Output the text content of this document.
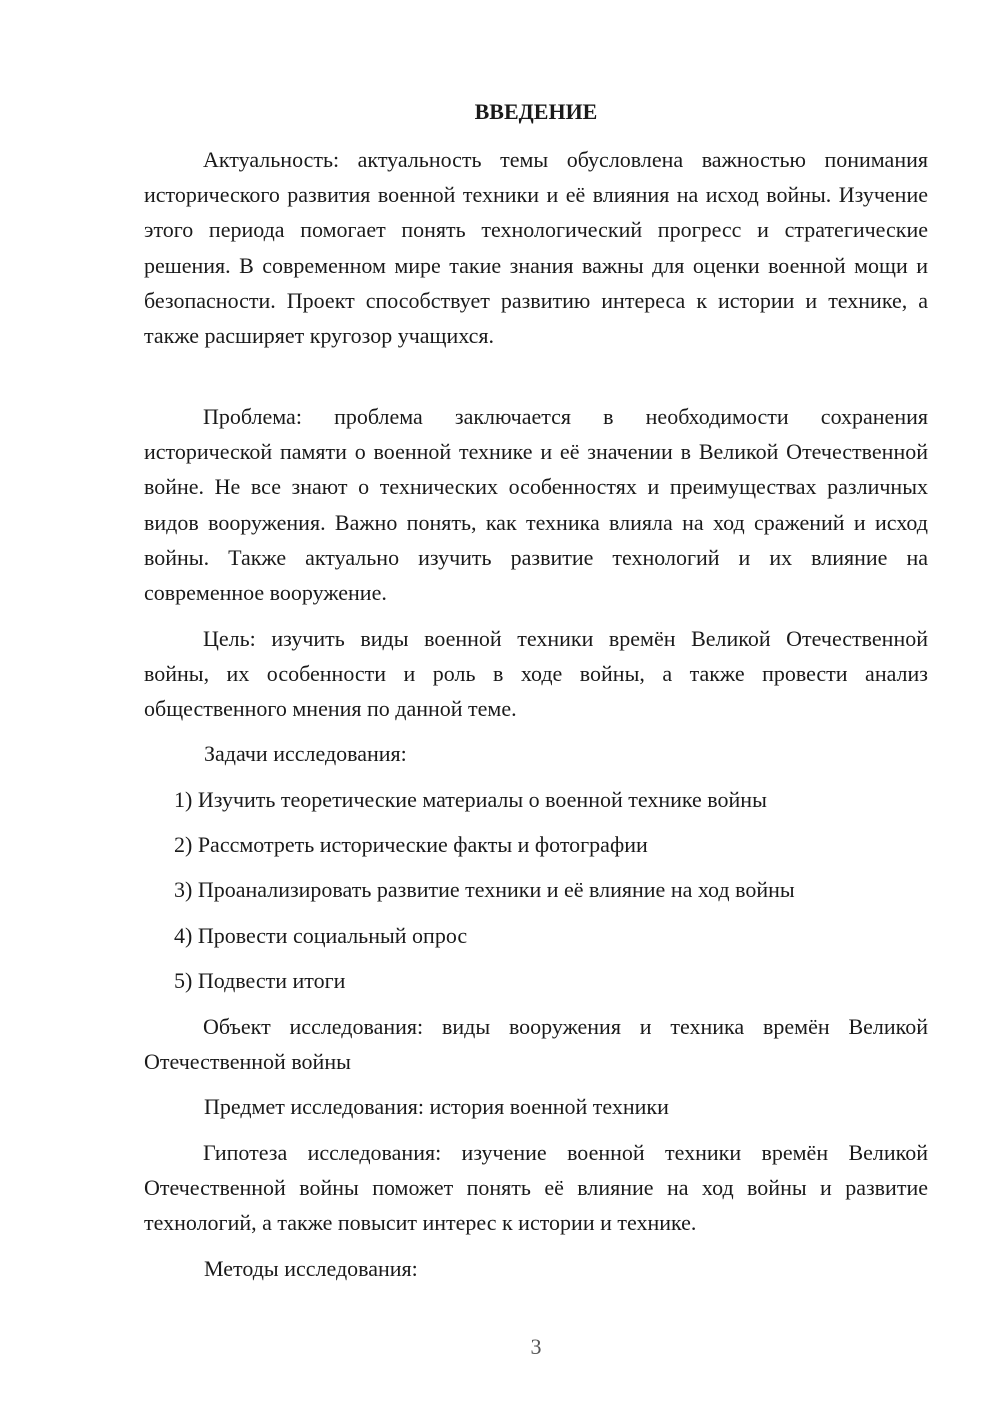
ВВЕДЕНИЕ
Актуальность: актуальность темы обусловлена важностью понимания исторического развития военной техники и её влияния на исход войны. Изучение этого периода помогает понять технологический прогресс и стратегические решения. В современном мире такие знания важны для оценки военной мощи и безопасности. Проект способствует развитию интереса к истории и технике, а также расширяет кругозор учащихся.
Проблема: проблема заключается в необходимости сохранения исторической памяти о военной технике и её значении в Великой Отечественной войне. Не все знают о технических особенностях и преимуществах различных видов вооружения. Важно понять, как техника влияла на ход сражений и исход войны. Также актуально изучить развитие технологий и их влияние на современное вооружение.
Цель: изучить виды военной техники времён Великой Отечественной войны, их особенности и роль в ходе войны, а также провести анализ общественного мнения по данной теме.
Задачи исследования:
1) Изучить теоретические материалы о военной технике войны
2) Рассмотреть исторические факты и фотографии
3) Проанализировать развитие техники и её влияние на ход войны
4) Провести социальный опрос
5) Подвести итоги
Объект исследования: виды вооружения и техника времён Великой Отечественной войны
Предмет исследования: история военной техники
Гипотеза исследования: изучение военной техники времён Великой Отечественной войны поможет понять её влияние на ход войны и развитие технологий, а также повысит интерес к истории и технике.
Методы исследования:
3
